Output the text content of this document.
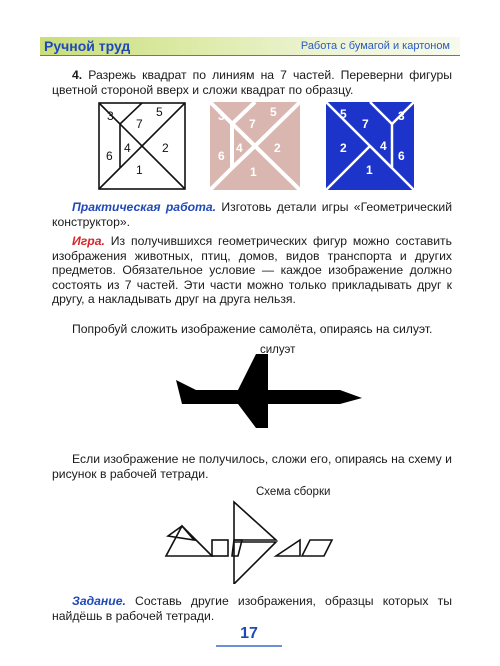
Ручной труд	Работа с бумагой и картоном

4. Разрежь квадрат по линиям на 7 частей. Переверни фигуры цветной стороной вверх и сложи квадрат по образцу.

3
7
5
4	2
6
1
3
7
5
4	2
6
1
5
7
3
2	4
6
1

Практическая работа. Изготовь детали игры «Геометрический конструктор».

Игра. Из получившихся геометрических фигур можно составить изображения животных, птиц, домов, видов транспорта и других предметов. Обязательное условие — каждое изображение должно состоять из 7 частей. Эти части можно только прикладывать друг к другу, а накладывать друг на друга нельзя.

Попробуй сложить изображение самолёта, опираясь на силуэт.

силуэт

Если изображение не получилось, сложи его, опираясь на схему и рисунок в рабочей тетради.

Схема сборки

Задание. Составь другие изображения, образцы которых ты найдёшь в рабочей тетради.

17
